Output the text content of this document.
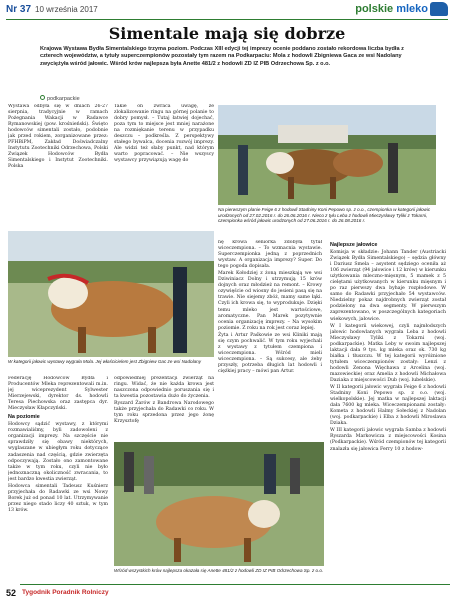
Nr 37 10 września 2017	polskie mleko
Simentale mają się dobrze

Krajowa Wystawa Bydła Simentalskiego trzyma poziom. Podczas XIII edycji tej imprezy ocenie poddano zostało rekordowa liczba bydła z czterech województw, a tytuły superczempionów pozostały tym razem na Podkarpaciu: Mola z hodowli Zbigniewa Gaca ze wsi Nadolany zwyciężyła wśród jałowic. Wśród krów najlepsza była Anette 481/2 z hodowli ZD IZ PIB Odrzechowa Sp. z o.o.

podkarpackie
Na pierwszym planie Feige 6 z hodowli Stadniny Koni Pepowo sp. z o.o., czempionka w kategorii jałowic urodzonych od 27.02.2016 r. do 26.06.2016 r. Nieco z tyłu Leba z hodowli Mieczysławy Tyliki z Tokarni, czempionka wśród jałowic urodzonych od 27.06.2016 r. do 26.08.2016 r.

Wystawa odbyła się w dniach 26-27 sierpnia, tradycyjnie w ramach Pożegnania Wakacji w Radawce Rymanowskiej (pow. krośnieński). Święto hodowców simentali zostało, podobnie jak przed rokiem, zorganizowane przez: PFHBiPM, Zakład Doświadczalny Instytutu Zootechniki Odrzechowa, Polski Związek Hodowców Bydła Simentalskiego i Instytut Zootechniki. Polska

Takie on zwraca uwagę, że zlokalizowanie ringu na górnej polanie to dobry pomysł. – Tutaj łatwiej dojechać, poza tym to miejsce jest mniej narażone na rozmiękanie terenu w przypadku deszczu – podkreśla. Z perspektywy stałego bywalca, docenia rozwój imprezy. Ale widzi też słaby punkt, nad którym warto popracować. – Nie wszyscy wystawcy przywiązują wagę do

W kategorii jałowic wystawy wygrała Mola. Jej właścicielem jest Zbigniew Gac ze wsi Nadolany

Federację Hodowców Bydła i Producentów Mleka reprezentowali m.in. jej wiceprezydent Sylwester Mierzejewski, dyrektor ds. hodowli Teresa Piechowska oraz zastępca dyr. Mieczysław Kłapczyński.

Na poziomie

Hodowcy sądzić wystawy, z którymi rozmawialiśmy, byli zadowoleni z organizacji imprezy. Na szczęście nie sprawdziły się obawy niektórych, wyglaszane w ubiegłym roku dotyczące zadaszenia nad częścią, gdzie zwierzęta odpoczywają. Zostało ono zamontowane także w tym roku, czyli nie było jednoznaczną okoliczność zwracania, to jest bardzo kwestia zwierząt.

Hodowca simentali Tadeusz Kuśnierz przyjechała do Radawki ze wsi Nowy Borek już od ponad 10 lat. Utrzymywanie przez niego stado liczy 40 sztuk, w tym 13 krów.

odpowiedniej prezentacji zwierząt na ringu. Widać, że nie każda krowa jest naszczona odpowiednio poruszania się i ta kwestia pozostawia dużo do życzenia.

Ryszard Żarów z Bandrowa Narodowego także przyjechała do Radawki co roku. W tym roku sprzedona przez jego żonę Krzysztofę

nę krowa seniorka zdobyła tytuł wiceczempiona. – To wzmacnia wystawie. Superczempionka jedną z poprzednich wystaw. A organizacja imprezy? Super. Do tego pogoda dopisała.

Marek Kołodziej z żoną mieszkają we wsi Dziwiniacz Dolny i utrzymują 15 krów dojnych oraz młodzież na remont. – Krowy ozywięście od wiosny do jesieni pasą się na trawie. Nie siejemy zbóż, mamy same łąki. Czyli ich krowa się, to wyprodukuje. Dzięki temu mleko jest wartościowe, aromatyczne. Pan Marek pozytywnie ocenia organizację imprezy. – Na wysokim poziomie. Z roku na rok jest coraz lepiej.

Żyta i Artur Paśkowie ze wsi Kliniki mają się czym pochwalić. W tym roku wyjechali z wystawy z tytułem czempiona i wiceczempiona. Wśród mieli wiceczempiona. – Są sukcesy, ale żeby przyszły, potrzeba długich lat hodowli i ciężkiej pracy – mówi pan Artur.

Najlepsze jałowice

Komisja w składzie: Johann Tander (Austriacki Związek Bydła Simentalskiego) – sędzia główny i Dariusz Smela – asystent sędziego oceniła aż 106 zwierząt (94 jałowice i 12 krów) w kierunku użytkowania mleczno-mięsnym, 5 mamek z 5 cielętami użytkowanych w kierunku mięsnym i po raz pierwszy dwa byhaje rozpłodowe. W samo do Radawki przyjechało 54 wystawców. Niedzielny pokaz najdrobnych zwierząt został podzielony na dwa segmenty. W pierwszym zaprezentowano, w poszczególnych kategoriach wiekowych, jałowice.

W I kategorii wiekowej, czyli najmłodszych jałowic hodowlanych wygrała Leba z hodowli Mieczysławy Tyliki z Tokarni (woj. podkarpackie). Matka Leby w swoim najlepszej laktacji dała 9 tys. kg mleka oraz ok. 730 kg białka i tłuszczu. W tej kategorii wyróżnione tytułem wiceczempionów zostały: Lenzi z hodowli Zenona Więchawa z Arcelina (woj. mazowieckie) oraz Amelia z hodowli Michałowa Daziaka z miejscowości Dub (woj. lubelskie).

W II kategorii jałowic wygrała Feige 6 z hodowli Stadniny Koni Pepowo sp. z o.o. (woj. wielkopolskie). Jej matka w najlepszej laktacji dała 7600 kg mleka. Wiceczempionami zostały: Kometa z hodowli Halmy Sołeckiej z Nadolan (woj. podkarpackie) i Elba z hodowli Miroslawa Dziaka.

W III kategorii jałowic wygrała Samba z hodowli Ryszarda Markowicza z miejscowości Kosina (Podkarpackie). Wśród czempionów tej kategorii znalazła się jałowica Ferry 10 z hodow-

Wśród wszystkich krów najlepsza okazała się Anette 481/2 z hodowli ZD IZ PIB Odrzechowa Sp. z o.o.
52 Tygodnik Poradnik Rolniczy
